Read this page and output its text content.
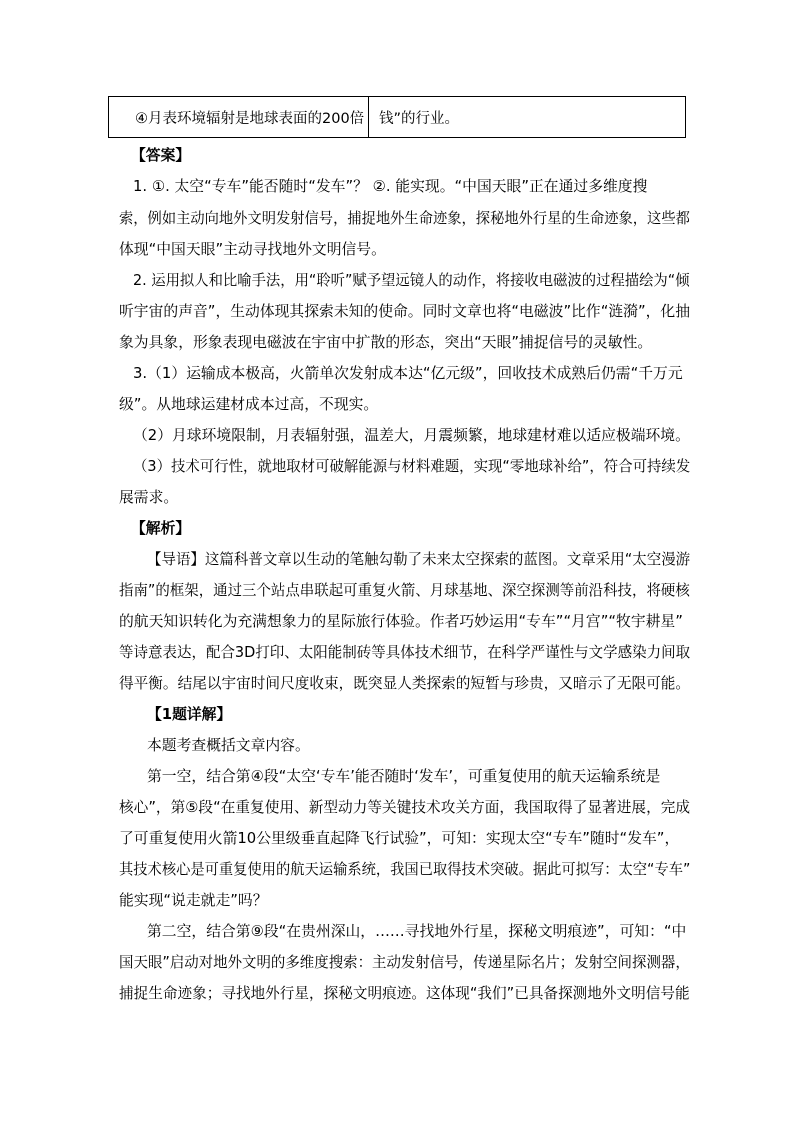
④月表环境辐射是地球表面的200倍	钱”的行业。
【答案】
1. ①. 太空“专车”能否随时“发车”？ ②. 能实现。“中国天眼”正在通过多维度搜
索，例如主动向地外文明发射信号，捕捉地外生命迹象，探秘地外行星的生命迹象，这些都
体现“中国天眼”主动寻找地外文明信号。
2. 运用拟人和比喻手法，用“聆听”赋予望远镜人的动作，将接收电磁波的过程描绘为“倾
听宇宙的声音”，生动体现其探索未知的使命。同时文章也将“电磁波”比作“涟漪”，化抽
象为具象，形象表现电磁波在宇宙中扩散的形态，突出“天眼”捕捉信号的灵敏性。
3.（1）运输成本极高，火箭单次发射成本达“亿元级”，回收技术成熟后仍需“千万元
级”。从地球运建材成本过高，不现实。
（2）月球环境限制，月表辐射强，温差大，月震频繁，地球建材难以适应极端环境。
（3）技术可行性，就地取材可破解能源与材料难题，实现“零地球补给”，符合可持续发
展需求。
【解析】
【导语】这篇科普文章以生动的笔触勾勒了未来太空探索的蓝图。文章采用“太空漫游
指南”的框架，通过三个站点串联起可重复火箭、月球基地、深空探测等前沿科技，将硬核
的航天知识转化为充满想象力的星际旅行体验。作者巧妙运用“专车”“月宫”“牧宇耕星”
等诗意表达，配合3D打印、太阳能制砖等具体技术细节，在科学严谨性与文学感染力间取
得平衡。结尾以宇宙时间尺度收束，既突显人类探索的短暂与珍贵，又暗示了无限可能。
【1题详解】
本题考查概括文章内容。
第一空，结合第④段“太空‘专车’能否随时‘发车’，可重复使用的航天运输系统是
核心”，第⑤段“在重复使用、新型动力等关键技术攻关方面，我国取得了显著进展，完成
了可重复使用火箭10公里级垂直起降飞行试验”，可知：实现太空“专车”随时“发车”，
其技术核心是可重复使用的航天运输系统，我国已取得技术突破。据此可拟写：太空“专车”
能实现“说走就走”吗？
第二空，结合第⑨段“在贵州深山，……寻找地外行星，探秘文明痕迹”，可知：“中
国天眼”启动对地外文明的多维度搜索：主动发射信号，传递星际名片；发射空间探测器，
捕捉生命迹象；寻找地外行星，探秘文明痕迹。这体现“我们”已具备探测地外文明信号能
